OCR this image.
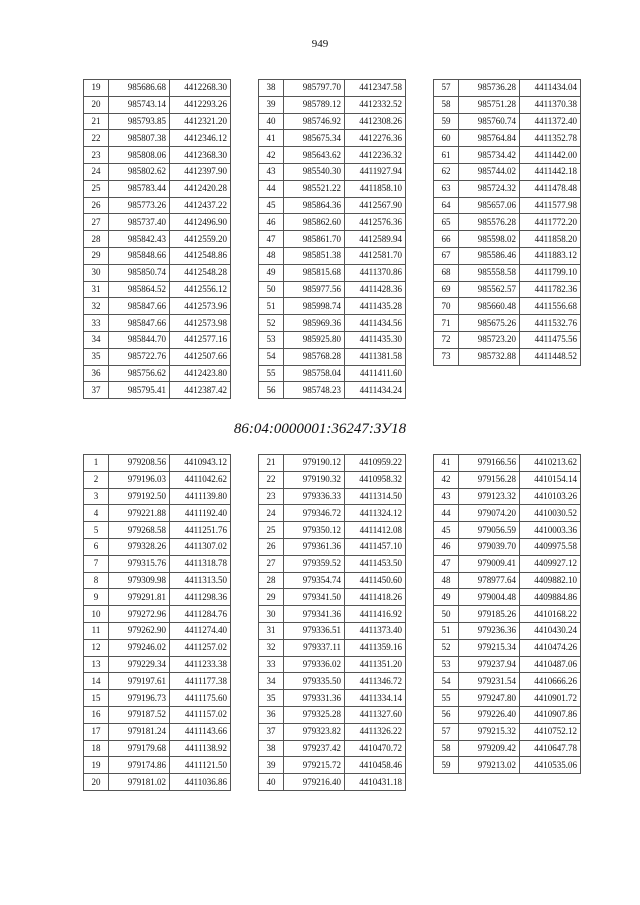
949
19	985686.68	4412268.30
20	985743.14	4412293.26
21	985793.85	4412321.20
22	985807.38	4412346.12
23	985808.06	4412368.30
24	985802.62	4412397.90
25	985783.44	4412420.28
26	985773.26	4412437.22
27	985737.40	4412496.90
28	985842.43	4412559.20
29	985848.66	4412548.86
30	985850.74	4412548.28
31	985864.52	4412556.12
32	985847.66	4412573.96
33	985847.66	4412573.98
34	985844.70	4412577.16
35	985722.76	4412507.66
36	985756.62	4412423.80
37	985795.41	4412387.42
38	985797.70	4412347.58
39	985789.12	4412332.52
40	985746.92	4412308.26
41	985675.34	4412276.36
42	985643.62	4412236.32
43	985540.30	4411927.94
44	985521.22	4411858.10
45	985864.36	4412567.90
46	985862.60	4412576.36
47	985861.70	4412589.94
48	985851.38	4412581.70
49	985815.68	4411370.86
50	985977.56	4411428.36
51	985998.74	4411435.28
52	985969.36	4411434.56
53	985925.80	4411435.30
54	985768.28	4411381.58
55	985758.04	4411411.60
56	985748.23	4411434.24
57	985736.28	4411434.04
58	985751.28	4411370.38
59	985760.74	4411372.40
60	985764.84	4411352.78
61	985734.42	4411442.00
62	985744.02	4411442.18
63	985724.32	4411478.48
64	985657.06	4411577.98
65	985576.28	4411772.20
66	985598.02	4411858.20
67	985586.46	4411883.12
68	985558.58	4411799.10
69	985562.57	4411782.36
70	985660.48	4411556.68
71	985675.26	4411532.76
72	985723.20	4411475.56
73	985732.88	4411448.52
86:04:0000001:36247:ЗУ18
1	979208.56	4410943.12
2	979196.03	4411042.62
3	979192.50	4411139.80
4	979221.88	4411192.40
5	979268.58	4411251.76
6	979328.26	4411307.02
7	979315.76	4411318.78
8	979309.98	4411313.50
9	979291.81	4411298.36
10	979272.96	4411284.76
11	979262.90	4411274.40
12	979246.02	4411257.02
13	979229.34	4411233.38
14	979197.61	4411177.38
15	979196.73	4411175.60
16	979187.52	4411157.02
17	979181.24	4411143.66
18	979179.68	4411138.92
19	979174.86	4411121.50
20	979181.02	4411036.86
21	979190.12	4410959.22
22	979190.32	4410958.32
23	979336.33	4411314.50
24	979346.72	4411324.12
25	979350.12	4411412.08
26	979361.36	4411457.10
27	979359.52	4411453.50
28	979354.74	4411450.60
29	979341.50	4411418.26
30	979341.36	4411416.92
31	979336.51	4411373.40
32	979337.11	4411359.16
33	979336.02	4411351.20
34	979335.50	4411346.72
35	979331.36	4411334.14
36	979325.28	4411327.60
37	979323.82	4411326.22
38	979237.42	4410470.72
39	979215.72	4410458.46
40	979216.40	4410431.18
41	979166.56	4410213.62
42	979156.28	4410154.14
43	979123.32	4410103.26
44	979074.20	4410030.52
45	979056.59	4410003.36
46	979039.70	4409975.58
47	979009.41	4409927.12
48	978977.64	4409882.10
49	979004.48	4409884.86
50	979185.26	4410168.22
51	979236.36	4410430.24
52	979215.34	4410474.26
53	979237.94	4410487.06
54	979231.54	4410666.26
55	979247.80	4410901.72
56	979226.40	4410907.86
57	979215.32	4410752.12
58	979209.42	4410647.78
59	979213.02	4410535.06
